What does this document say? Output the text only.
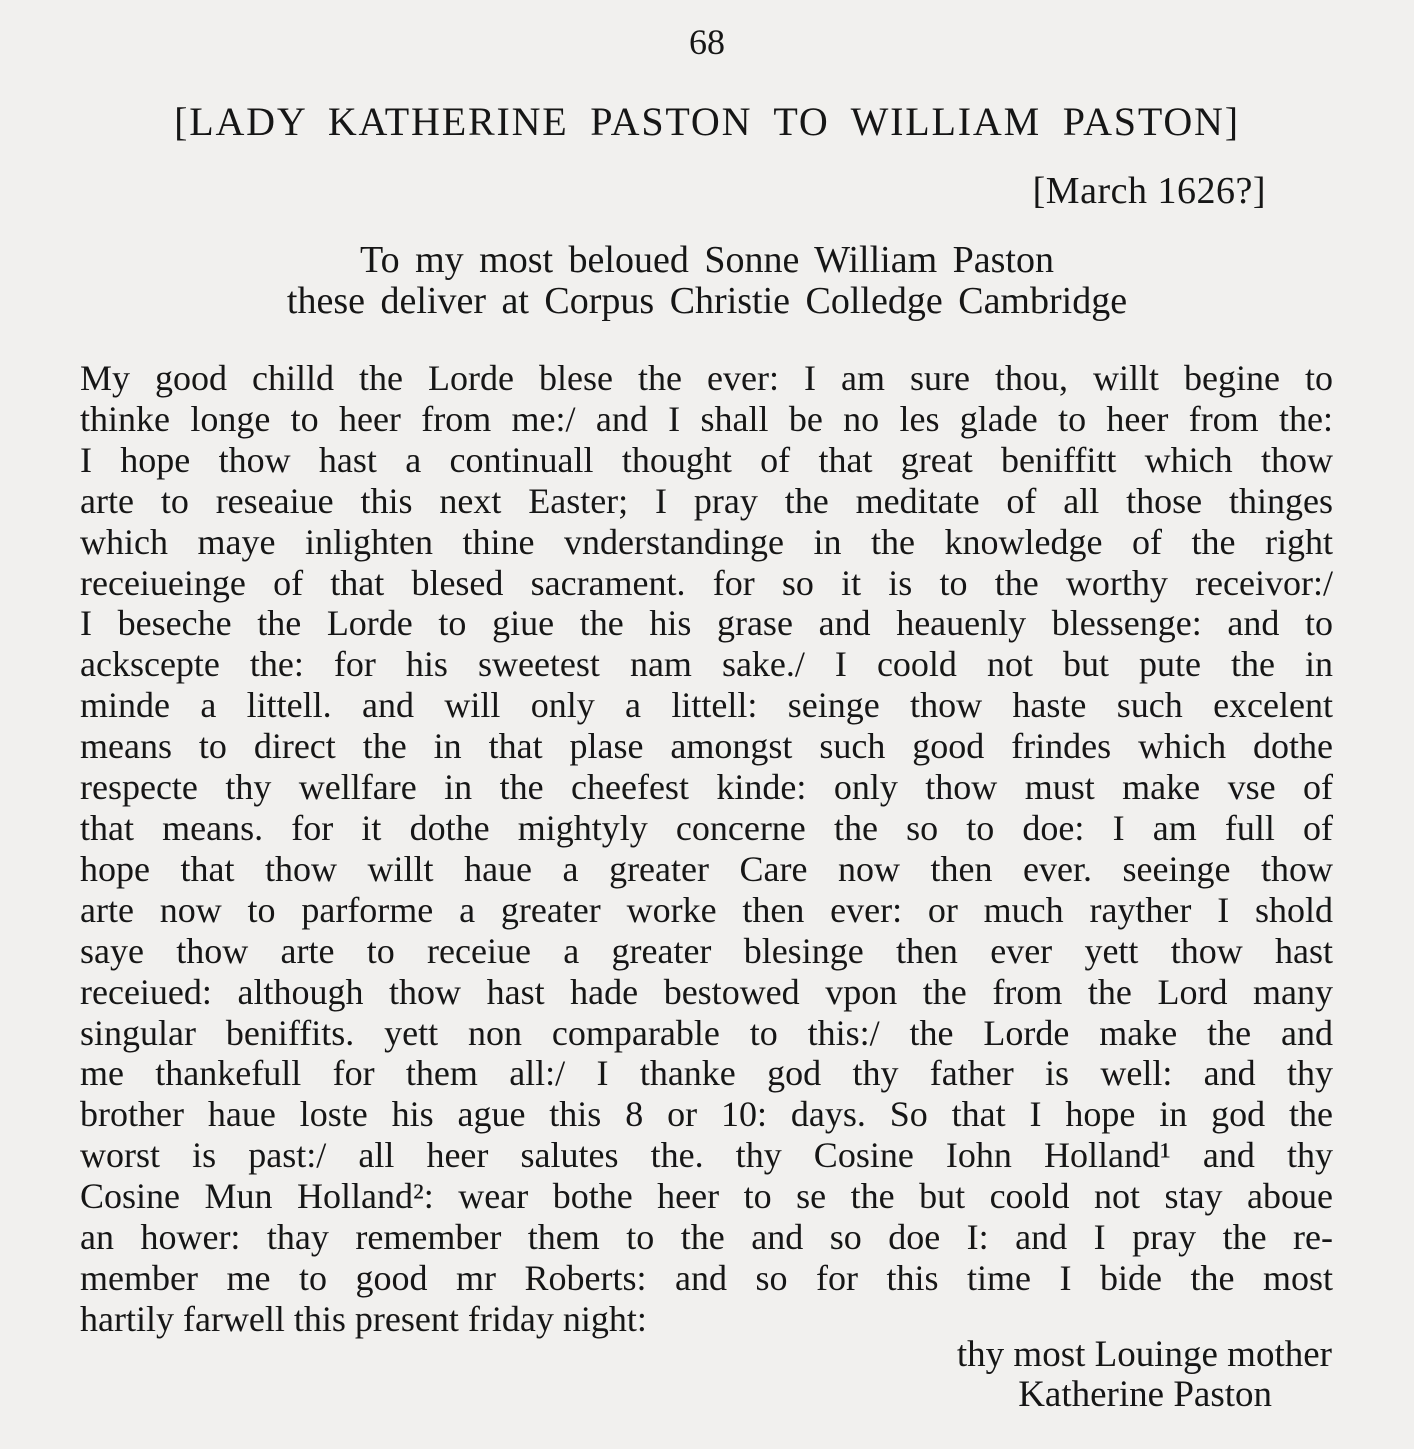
68
[LADY KATHERINE PASTON TO WILLIAM PASTON]
[March 1626?]
To my most beloued Sonne William Paston
these deliver at Corpus Christie Colledge Cambridge
My good chilld the Lorde blese the ever: I am sure thou, willt begine to
thinke longe to heer from me:/ and I shall be no les glade to heer from the:
I hope thow hast a continuall thought of that great beniffitt which thow
arte to reseaiue this next Easter; I pray the meditate of all those thinges
which maye inlighten thine vnderstandinge in the knowledge of the right
receiueinge of that blesed sacrament. for so it is to the worthy receivor:/
I beseche the Lorde to giue the his grase and heauenly blessenge: and to
ackscepte the: for his sweetest nam sake./ I coold not but pute the in
minde a littell. and will only a littell: seinge thow haste such excelent
means to direct the in that plase amongst such good frindes which dothe
respecte thy wellfare in the cheefest kinde: only thow must make vse of
that means. for it dothe mightyly concerne the so to doe: I am full of
hope that thow willt haue a greater Care now then ever. seeinge thow
arte now to parforme a greater worke then ever: or much rayther I shold
saye thow arte to receiue a greater blesinge then ever yett thow hast
receiued: although thow hast hade bestowed vpon the from the Lord many
singular beniffits. yett non comparable to this:/ the Lorde make the and
me thankefull for them all:/ I thanke god thy father is well: and thy
brother haue loste his ague this 8 or 10: days. So that I hope in god the
worst is past:/ all heer salutes the. thy Cosine Iohn Holland¹ and thy
Cosine Mun Holland²: wear bothe heer to se the but coold not stay aboue
an hower: thay remember them to the and so doe I: and I pray the re-
member me to good mr Roberts: and so for this time I bide the most
hartily farwell this present friday night:
thy most Louinge mother
Katherine Paston
